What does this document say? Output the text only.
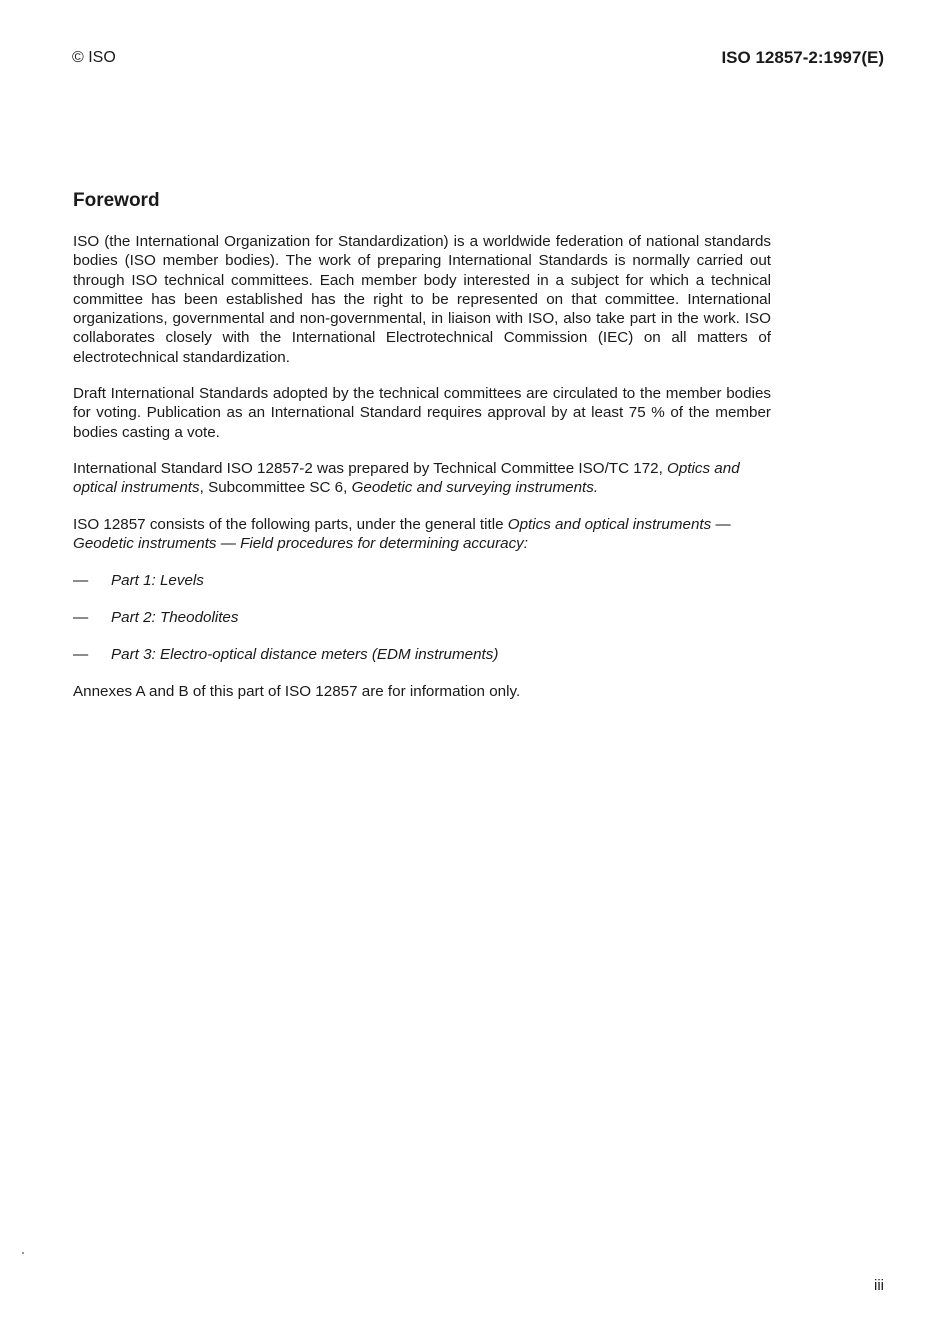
© ISO	ISO 12857-2:1997(E)
Foreword
ISO (the International Organization for Standardization) is a worldwide federation of national standards bodies (ISO member bodies). The work of preparing International Standards is normally carried out through ISO technical committees. Each member body interested in a subject for which a technical committee has been established has the right to be represented on that committee. International organizations, governmental and non-governmental, in liaison with ISO, also take part in the work. ISO collaborates closely with the International Electrotechnical Commission (IEC) on all matters of electrotechnical standardization.
Draft International Standards adopted by the technical committees are circulated to the member bodies for voting. Publication as an International Standard requires approval by at least 75 % of the member bodies casting a vote.
International Standard ISO 12857-2 was prepared by Technical Committee ISO/TC 172, Optics and optical instruments, Subcommittee SC 6, Geodetic and surveying instruments.
ISO 12857 consists of the following parts, under the general title Optics and optical instruments — Geodetic instruments — Field procedures for determining accuracy:
— Part 1: Levels
— Part 2: Theodolites
— Part 3: Electro-optical distance meters (EDM instruments)
Annexes A and B of this part of ISO 12857 are for information only.
iii
